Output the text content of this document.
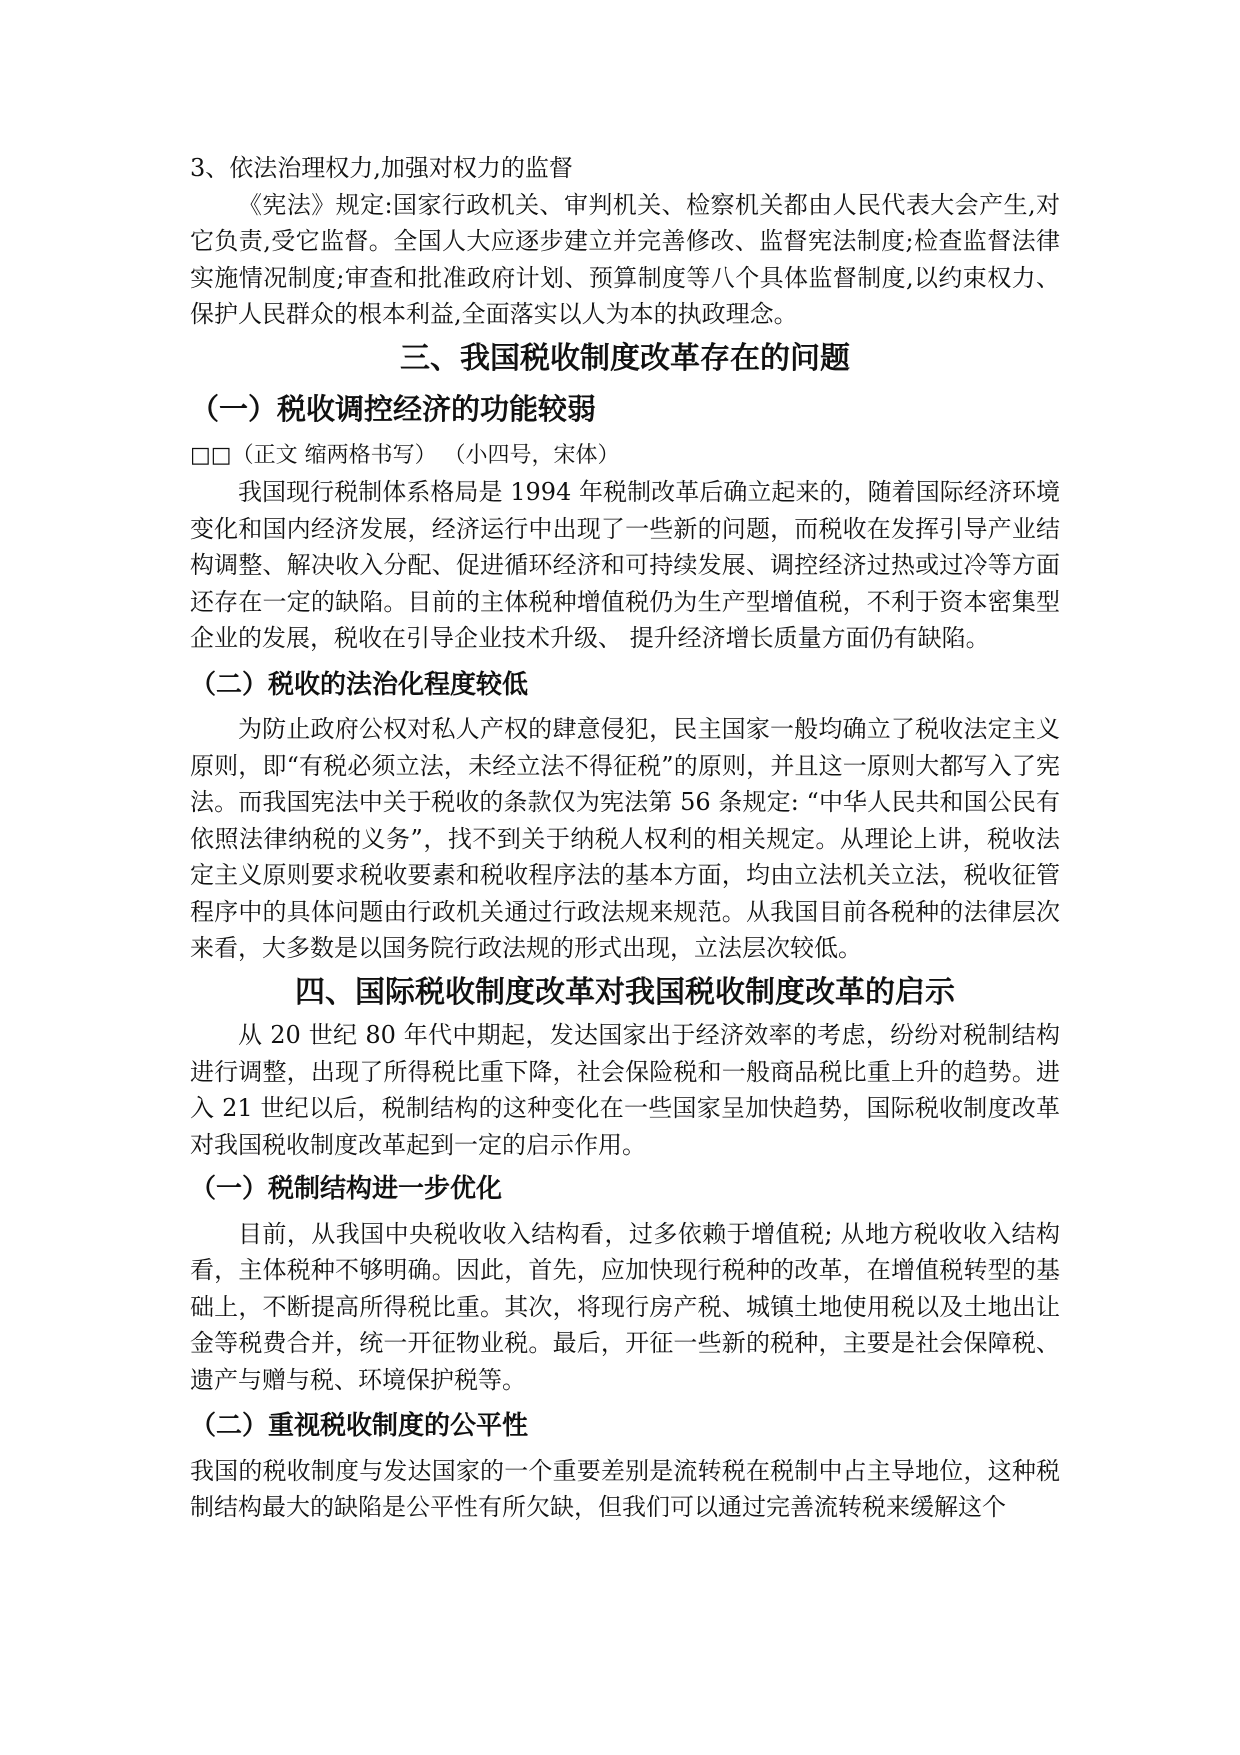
3、依法治理权力,加强对权力的监督

《宪法》规定:国家行政机关、审判机关、检察机关都由人民代表大会产生,对它负责,受它监督。全国人大应逐步建立并完善修改、监督宪法制度;检查监督法律实施情况制度;审查和批准政府计划、预算制度等八个具体监督制度,以约束权力、保护人民群众的根本利益,全面落实以人为本的执政理念。

三、我国税收制度改革存在的问题
（一）税收调控经济的功能较弱

□□（正文 缩两格书写） （小四号，宋体）

我国现行税制体系格局是 1994 年税制改革后确立起来的，随着国际经济环境变化和国内经济发展，经济运行中出现了一些新的问题，而税收在发挥引导产业结构调整、解决收入分配、促进循环经济和可持续发展、调控经济过热或过冷等方面还存在一定的缺陷。目前的主体税种增值税仍为生产型增值税，不利于资本密集型企业的发展，税收在引导企业技术升级、 提升经济增长质量方面仍有缺陷。

（二）税收的法治化程度较低

为防止政府公权对私人产权的肆意侵犯，民主国家一般均确立了税收法定主义原则，即“有税必须立法，未经立法不得征税”的原则，并且这一原则大都写入了宪法。而我国宪法中关于税收的条款仅为宪法第 56 条规定: “中华人民共和国公民有依照法律纳税的义务”，找不到关于纳税人权利的相关规定。从理论上讲，税收法定主义原则要求税收要素和税收程序法的基本方面，均由立法机关立法，税收征管程序中的具体问题由行政机关通过行政法规来规范。从我国目前各税种的法律层次来看，大多数是以国务院行政法规的形式出现，立法层次较低。

四、国际税收制度改革对我国税收制度改革的启示

从 20 世纪 80 年代中期起，发达国家出于经济效率的考虑，纷纷对税制结构进行调整，出现了所得税比重下降，社会保险税和一般商品税比重上升的趋势。进入 21 世纪以后，税制结构的这种变化在一些国家呈加快趋势，国际税收制度改革对我国税收制度改革起到一定的启示作用。

（一）税制结构进一步优化

目前，从我国中央税收收入结构看，过多依赖于增值税; 从地方税收收入结构看，主体税种不够明确。因此，首先，应加快现行税种的改革，在增值税转型的基础上，不断提高所得税比重。其次，将现行房产税、城镇土地使用税以及土地出让金等税费合并，统一开征物业税。最后，开征一些新的税种，主要是社会保障税、遗产与赠与税、环境保护税等。

（二）重视税收制度的公平性

我国的税收制度与发达国家的一个重要差别是流转税在税制中占主导地位，这种税制结构最大的缺陷是公平性有所欠缺，但我们可以通过完善流转税来缓解这个
